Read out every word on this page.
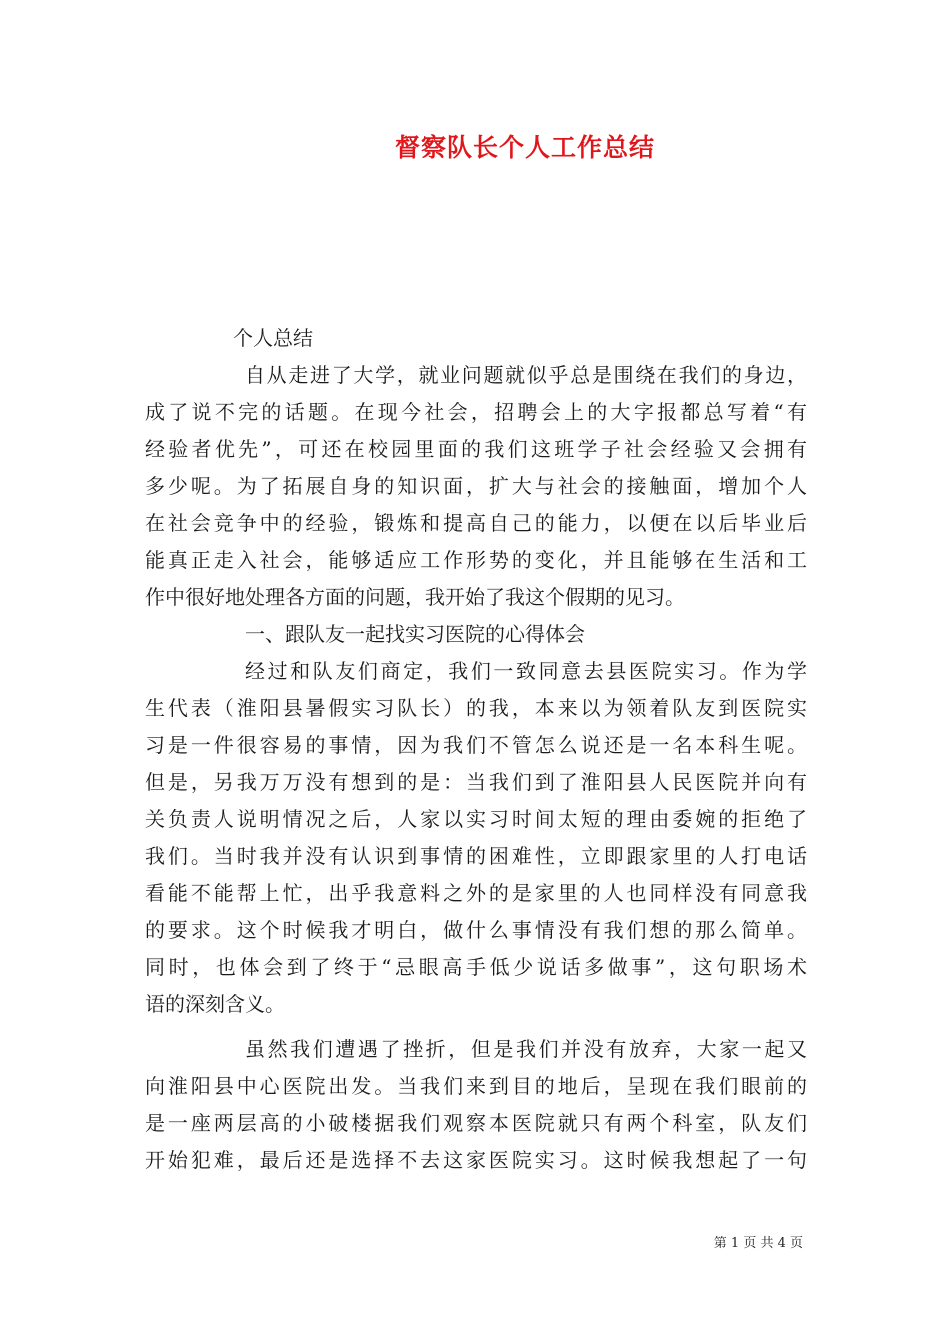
督察队长个人工作总结
个人总结
自从走进了大学，就业问题就似乎总是围绕在我们的身边，
成了说不完的话题。在现今社会，招聘会上的大字报都总写着“有
经验者优先”，可还在校园里面的我们这班学子社会经验又会拥有
多少呢。为了拓展自身的知识面，扩大与社会的接触面，增加个人
在社会竞争中的经验，锻炼和提高自己的能力，以便在以后毕业后
能真正走入社会，能够适应工作形势的变化，并且能够在生活和工
作中很好地处理各方面的问题，我开始了我这个假期的见习。
一、跟队友一起找实习医院的心得体会
经过和队友们商定，我们一致同意去县医院实习。作为学
生代表（淮阳县暑假实习队长）的我，本来以为领着队友到医院实
习是一件很容易的事情，因为我们不管怎么说还是一名本科生呢。
但是，另我万万没有想到的是：当我们到了淮阳县人民医院并向有
关负责人说明情况之后，人家以实习时间太短的理由委婉的拒绝了
我们。当时我并没有认识到事情的困难性，立即跟家里的人打电话
看能不能帮上忙，出乎我意料之外的是家里的人也同样没有同意我
的要求。这个时候我才明白，做什么事情没有我们想的那么简单。
同时，也体会到了终于“忌眼高手低少说话多做事”，这句职场术
语的深刻含义。
虽然我们遭遇了挫折，但是我们并没有放弃，大家一起又
向淮阳县中心医院出发。当我们来到目的地后，呈现在我们眼前的
是一座两层高的小破楼据我们观察本医院就只有两个科室，队友们
开始犯难，最后还是选择不去这家医院实习。这时候我想起了一句
第 1 页 共 4 页
